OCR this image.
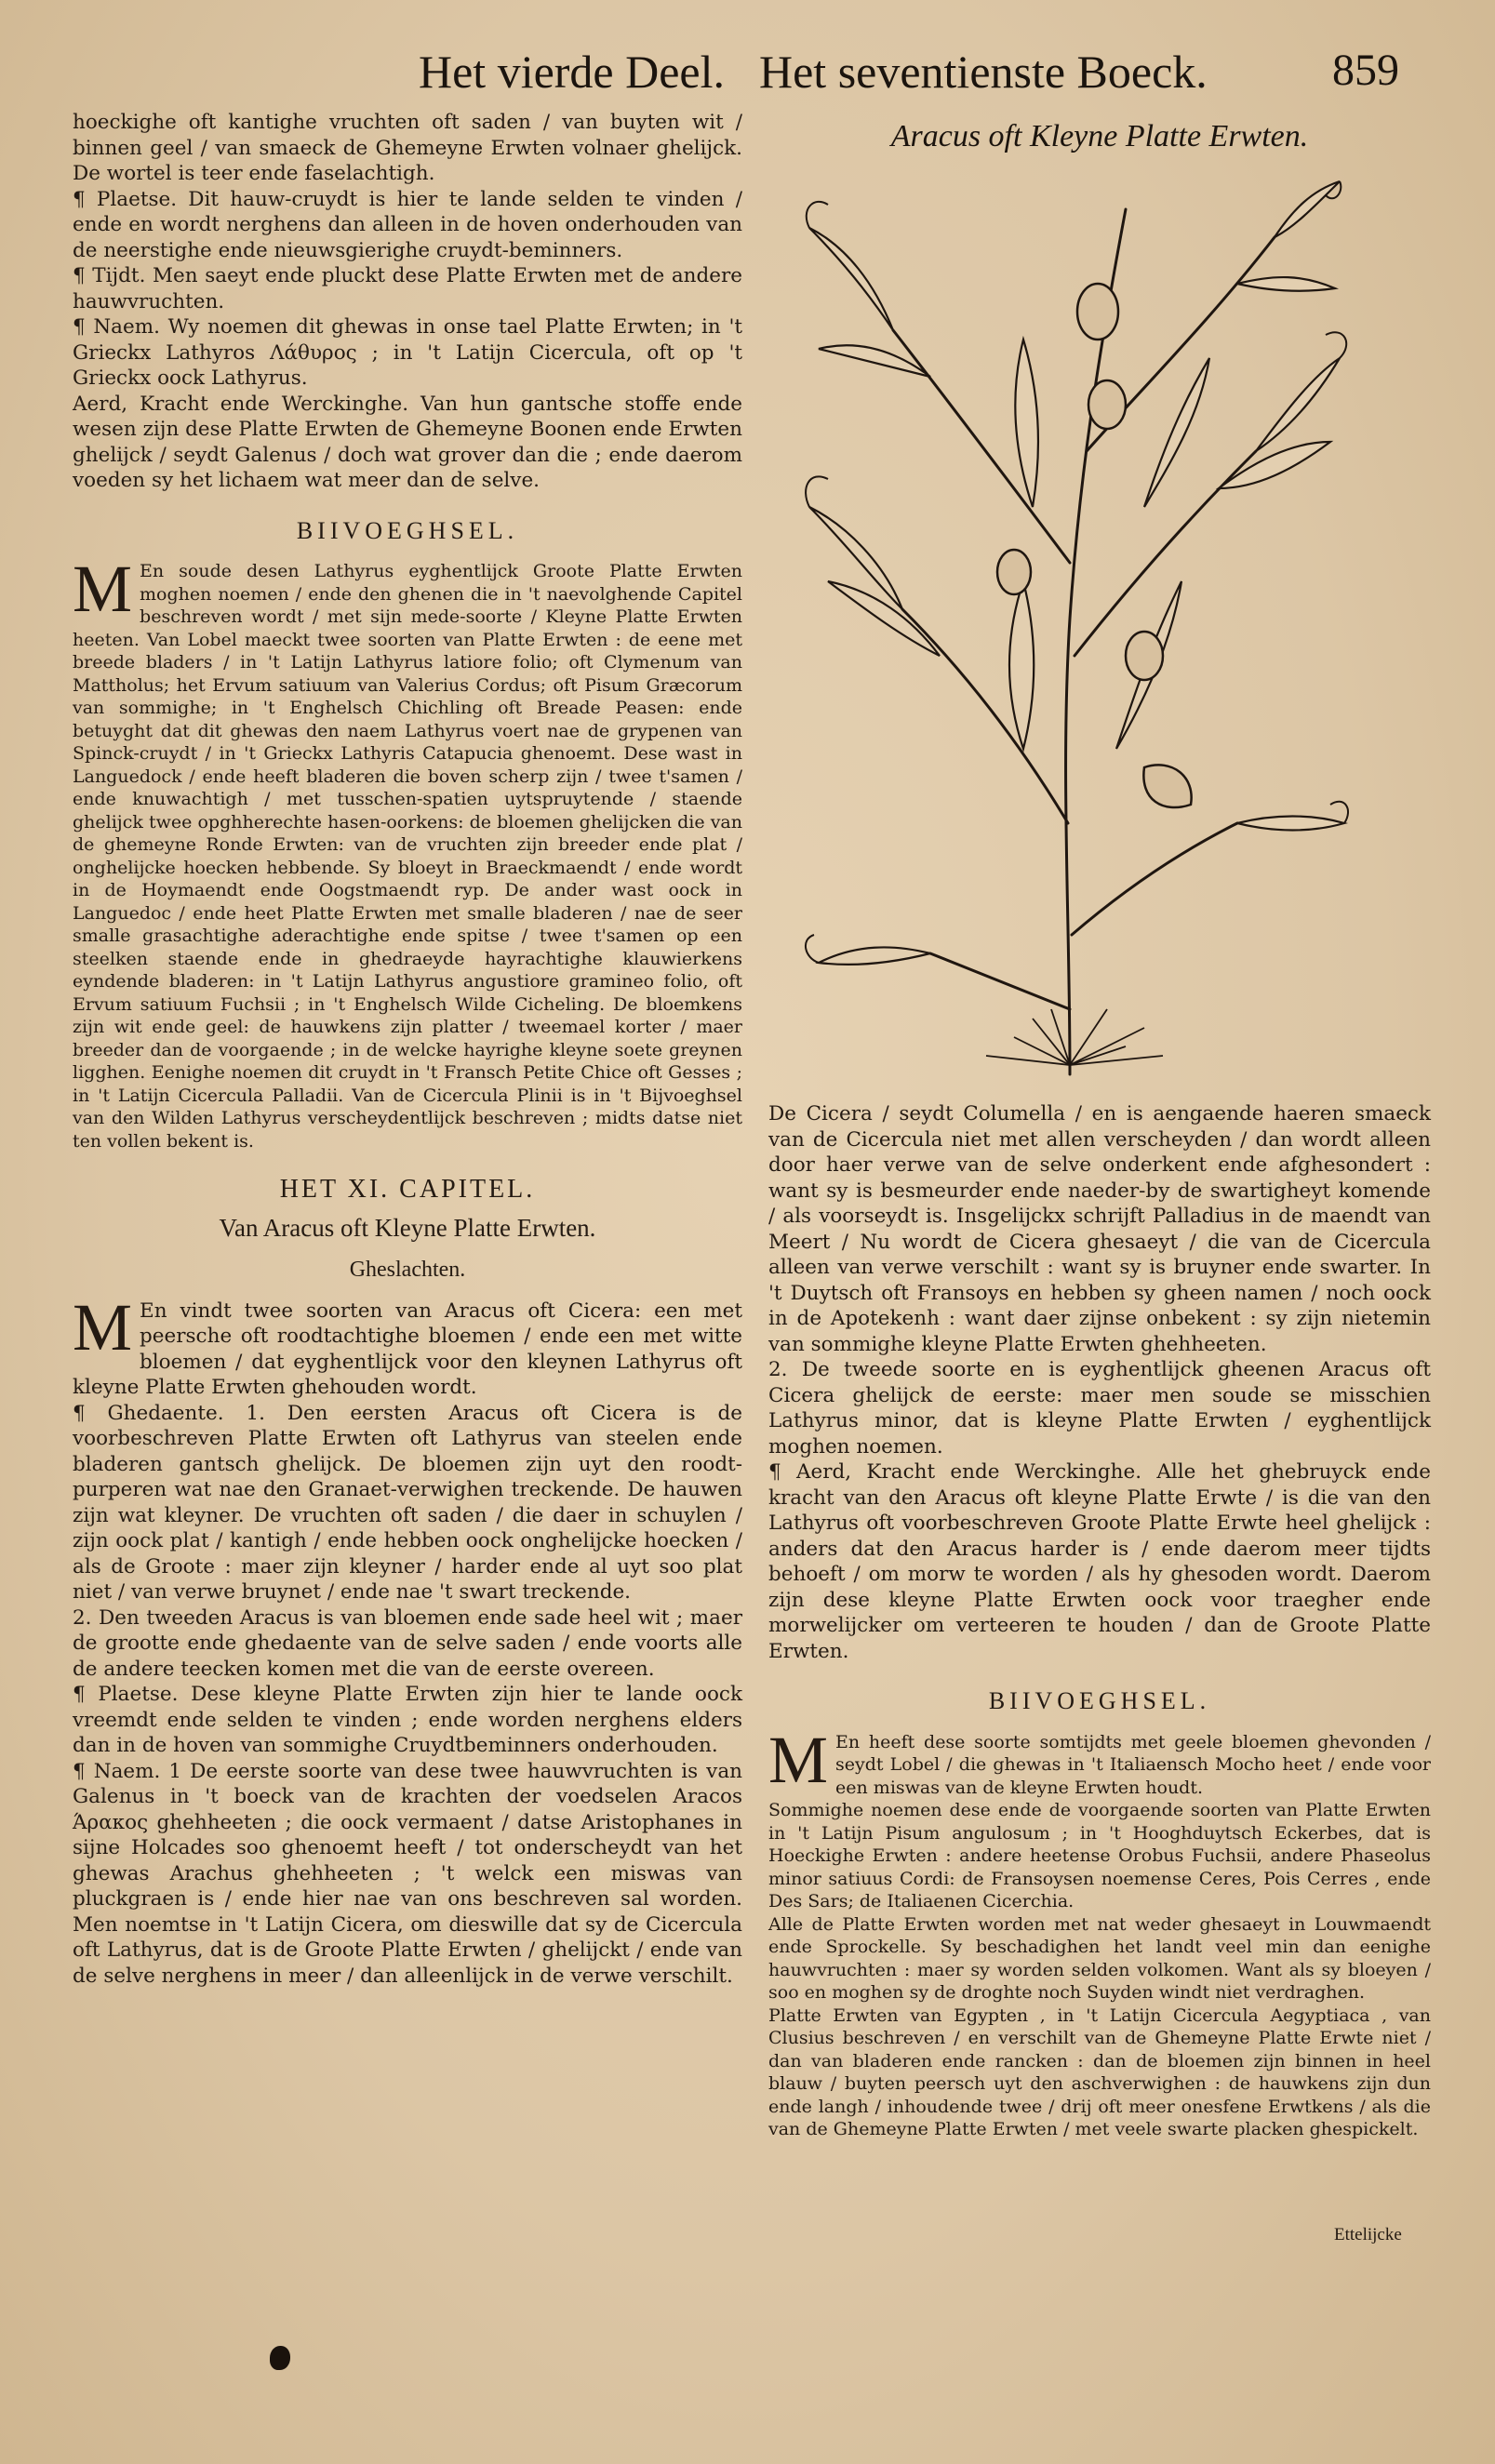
Het vierde Deel. Het seventienste Boeck.	859

hoeckighe oft kantighe vruchten oft saden / van buyten wit / binnen geel / van smaeck de Ghemeyne Erwten volnaer ghelijck. De wortel is teer ende faselachtigh.

¶ Plaetse. Dit hauw-cruydt is hier te lande selden te vinden / ende en wordt nerghens dan alleen in de hoven onderhouden van de neerstighe ende nieuwsgierighe cruydt-beminners.

¶ Tijdt. Men saeyt ende pluckt dese Platte Erwten met de andere hauwvruchten.

¶ Naem. Wy noemen dit ghewas in onse tael Platte Erwten; in 't Grieckx Lathyros Λάθυρος ; in 't Latijn Cicercula, oft op 't Grieckx oock Lathyrus.

Aerd, Kracht ende Werckinghe. Van hun gantsche stoffe ende wesen zijn dese Platte Erwten de Ghemeyne Boonen ende Erwten ghelijck / seydt Galenus / doch wat grover dan die ; ende daerom voeden sy het lichaem wat meer dan de selve.

BIIVOEGHSEL.

M En soude desen Lathyrus eyghentlijck Groote Platte Erwten moghen noemen / ende den ghenen die in 't naevolghende Capitel beschreven wordt / met sijn mede-soorte / Kleyne Platte Erwten heeten. Van Lobel maeckt twee soorten van Platte Erwten : de eene met breede bladers / in 't Latijn Lathyrus latiore folio; oft Clymenum van Mattholus; het Ervum satiuum van Valerius Cordus; oft Pisum Græcorum van sommighe; in 't Enghelsch Chichling oft Breade Peasen: ende betuyght dat dit ghewas den naem Lathyrus voert nae de grypenen van Spinck-cruydt / in 't Grieckx Lathyris Catapucia ghenoemt. Dese wast in Languedock / ende heeft bladeren die boven scherp zijn / twee t'samen / ende knuwachtigh / met tusschen-spatien uytspruytende / staende ghelijck twee opghherechte hasen-oorkens: de bloemen ghelijcken die van de ghemeyne Ronde Erwten: van de vruchten zijn breeder ende plat / onghelijcke hoecken hebbende. Sy bloeyt in Braeckmaendt / ende wordt in de Hoymaendt ende Oogstmaendt ryp. De ander wast oock in Languedoc / ende heet Platte Erwten met smalle bladeren / nae de seer smalle grasachtighe aderachtighe ende spitse / twee t'samen op een steelken staende ende in ghedraeyde hayrachtighe klauwierkens eyndende bladeren: in 't Latijn Lathyrus angustiore gramineo folio, oft Ervum satiuum Fuchsii ; in 't Enghelsch Wilde Cicheling. De bloemkens zijn wit ende geel: de hauwkens zijn platter / tweemael korter / maer breeder dan de voorgaende ; in de welcke hayrighe kleyne soete greynen ligghen. Eenighe noemen dit cruydt in 't Fransch Petite Chice oft Gesses ; in 't Latijn Cicercula Palladii. Van de Cicercula Plinii is in 't Bijvoeghsel van den Wilden Lathyrus verscheydentlijck beschreven ; midts datse niet ten vollen bekent is.

HET XI. CAPITEL.
Van Aracus oft Kleyne Platte Erwten.
Gheslachten.

M En vindt twee soorten van Aracus oft Cicera: een met peersche oft roodtachtighe bloemen / ende een met witte bloemen / dat eyghentlijck voor den kleynen Lathyrus oft kleyne Platte Erwten ghehouden wordt.

¶ Ghedaente. 1. Den eersten Aracus oft Cicera is de voorbeschreven Platte Erwten oft Lathyrus van steelen ende bladeren gantsch ghelijck. De bloemen zijn uyt den roodt-purperen wat nae den Granaet-verwighen treckende. De hauwen zijn wat kleyner. De vruchten oft saden / die daer in schuylen / zijn oock plat / kantigh / ende hebben oock onghelijcke hoecken / als de Groote : maer zijn kleyner / harder ende al uyt soo plat niet / van verwe bruynet / ende nae 't swart treckende.

2. Den tweeden Aracus is van bloemen ende sade heel wit ; maer de grootte ende ghedaente van de selve saden / ende voorts alle de andere teecken komen met die van de eerste overeen.

¶ Plaetse. Dese kleyne Platte Erwten zijn hier te lande oock vreemdt ende selden te vinden ; ende worden nerghens elders dan in de hoven van sommighe Cruydtbeminners onderhouden.

¶ Naem. 1 De eerste soorte van dese twee hauwvruchten is van Galenus in 't boeck van de krachten der voedselen Aracos Άρακος ghehheeten ; die oock vermaent / datse Aristophanes in sijne Holcades soo ghenoemt heeft / tot onderscheydt van het ghewas Arachus ghehheeten ; 't welck een miswas van pluckgraen is / ende hier nae van ons beschreven sal worden. Men noemtse in 't Latijn Cicera, om dieswille dat sy de Cicercula oft Lathyrus, dat is de Groote Platte Erwten / ghelijckt / ende van de selve nerghens in meer / dan alleenlijck in de verwe verschilt.

Aracus oft Kleyne Platte Erwten.

De Cicera / seydt Columella / en is aengaende haeren smaeck van de Cicercula niet met allen verscheyden / dan wordt alleen door haer verwe van de selve onderkent ende afghesondert : want sy is besmeurder ende naeder-by de swartigheyt komende / als voorseydt is. Insgelijckx schrijft Palladius in de maendt van Meert / Nu wordt de Cicera ghesaeyt / die van de Cicercula alleen van verwe verschilt : want sy is bruyner ende swarter. In 't Duytsch oft Fransoys en hebben sy gheen namen / noch oock in de Apotekenh : want daer zijnse onbekent : sy zijn nietemin van sommighe kleyne Platte Erwten ghehheeten.

2. De tweede soorte en is eyghentlijck gheenen Aracus oft Cicera ghelijck de eerste: maer men soude se misschien Lathyrus minor, dat is kleyne Platte Erwten / eyghentlijck moghen noemen.

¶ Aerd, Kracht ende Werckinghe. Alle het ghebruyck ende kracht van den Aracus oft kleyne Platte Erwte / is die van den Lathyrus oft voorbeschreven Groote Platte Erwte heel ghelijck : anders dat den Aracus harder is / ende daerom meer tijdts behoeft / om morw te worden / als hy ghesoden wordt. Daerom zijn dese kleyne Platte Erwten oock voor traegher ende morwelijcker om verteeren te houden / dan de Groote Platte Erwten.

BIIVOEGHSEL.

M En heeft dese soorte somtijdts met geele bloemen ghevonden / seydt Lobel / die ghewas in 't Italiaensch Mocho heet / ende voor een miswas van de kleyne Erwten houdt.

Sommighe noemen dese ende de voorgaende soorten van Platte Erwten in 't Latijn Pisum angulosum ; in 't Hooghduytsch Eckerbes, dat is Hoeckighe Erwten : andere heetense Orobus Fuchsii, andere Phaseolus minor satiuus Cordi: de Fransoysen noemense Ceres, Pois Cerres , ende Des Sars; de Italiaenen Cicerchia.

Alle de Platte Erwten worden met nat weder ghesaeyt in Louwmaendt ende Sprockelle. Sy beschadighen het landt veel min dan eenighe hauwvruchten : maer sy worden selden volkomen. Want als sy bloeyen / soo en moghen sy de droghte noch Suyden windt niet verdraghen.

Platte Erwten van Egypten , in 't Latijn Cicercula Aegyptiaca , van Clusius beschreven / en verschilt van de Ghemeyne Platte Erwte niet / dan van bladeren ende rancken : dan de bloemen zijn binnen in heel blauw / buyten peersch uyt den aschverwighen : de hauwkens zijn dun ende langh / inhoudende twee / drij oft meer onesfene Erwtkens / als die van de Ghemeyne Platte Erwten / met veele swarte placken ghespickelt.

Ettelijcke
